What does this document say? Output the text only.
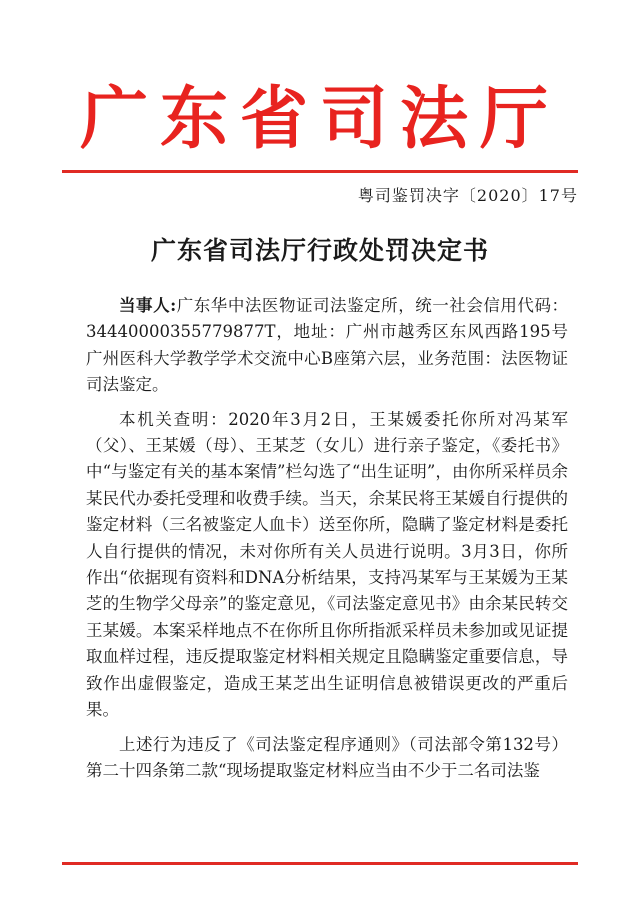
广东省司法厅
粤司鉴罚决字〔2020〕17号
广东省司法厅行政处罚决定书

当事人:广东华中法医物证司法鉴定所，统一社会信用代码：34440000355779877T，地址：广州市越秀区东风西路195号广州医科大学教学学术交流中心B座第六层，业务范围：法医物证司法鉴定。

本机关查明：2020年3月2日，王某媛委托你所对冯某军（父）、王某媛（母）、王某芝（女儿）进行亲子鉴定，《委托书》中“与鉴定有关的基本案情”栏勾选了“出生证明”，由你所采样员余某民代办委托受理和收费手续。当天，余某民将王某媛自行提供的鉴定材料（三名被鉴定人血卡）送至你所，隐瞒了鉴定材料是委托人自行提供的情况，未对你所有关人员进行说明。3月3日，你所作出“依据现有资料和DNA分析结果，支持冯某军与王某媛为王某芝的生物学父母亲”的鉴定意见，《司法鉴定意见书》由余某民转交王某媛。本案采样地点不在你所且你所指派采样员未参加或见证提取血样过程，违反提取鉴定材料相关规定且隐瞒鉴定重要信息，导致作出虚假鉴定，造成王某芝出生证明信息被错误更改的严重后果。

上述行为违反了《司法鉴定程序通则》（司法部令第132号）第二十四条第二款“现场提取鉴定材料应当由不少于二名司法鉴
